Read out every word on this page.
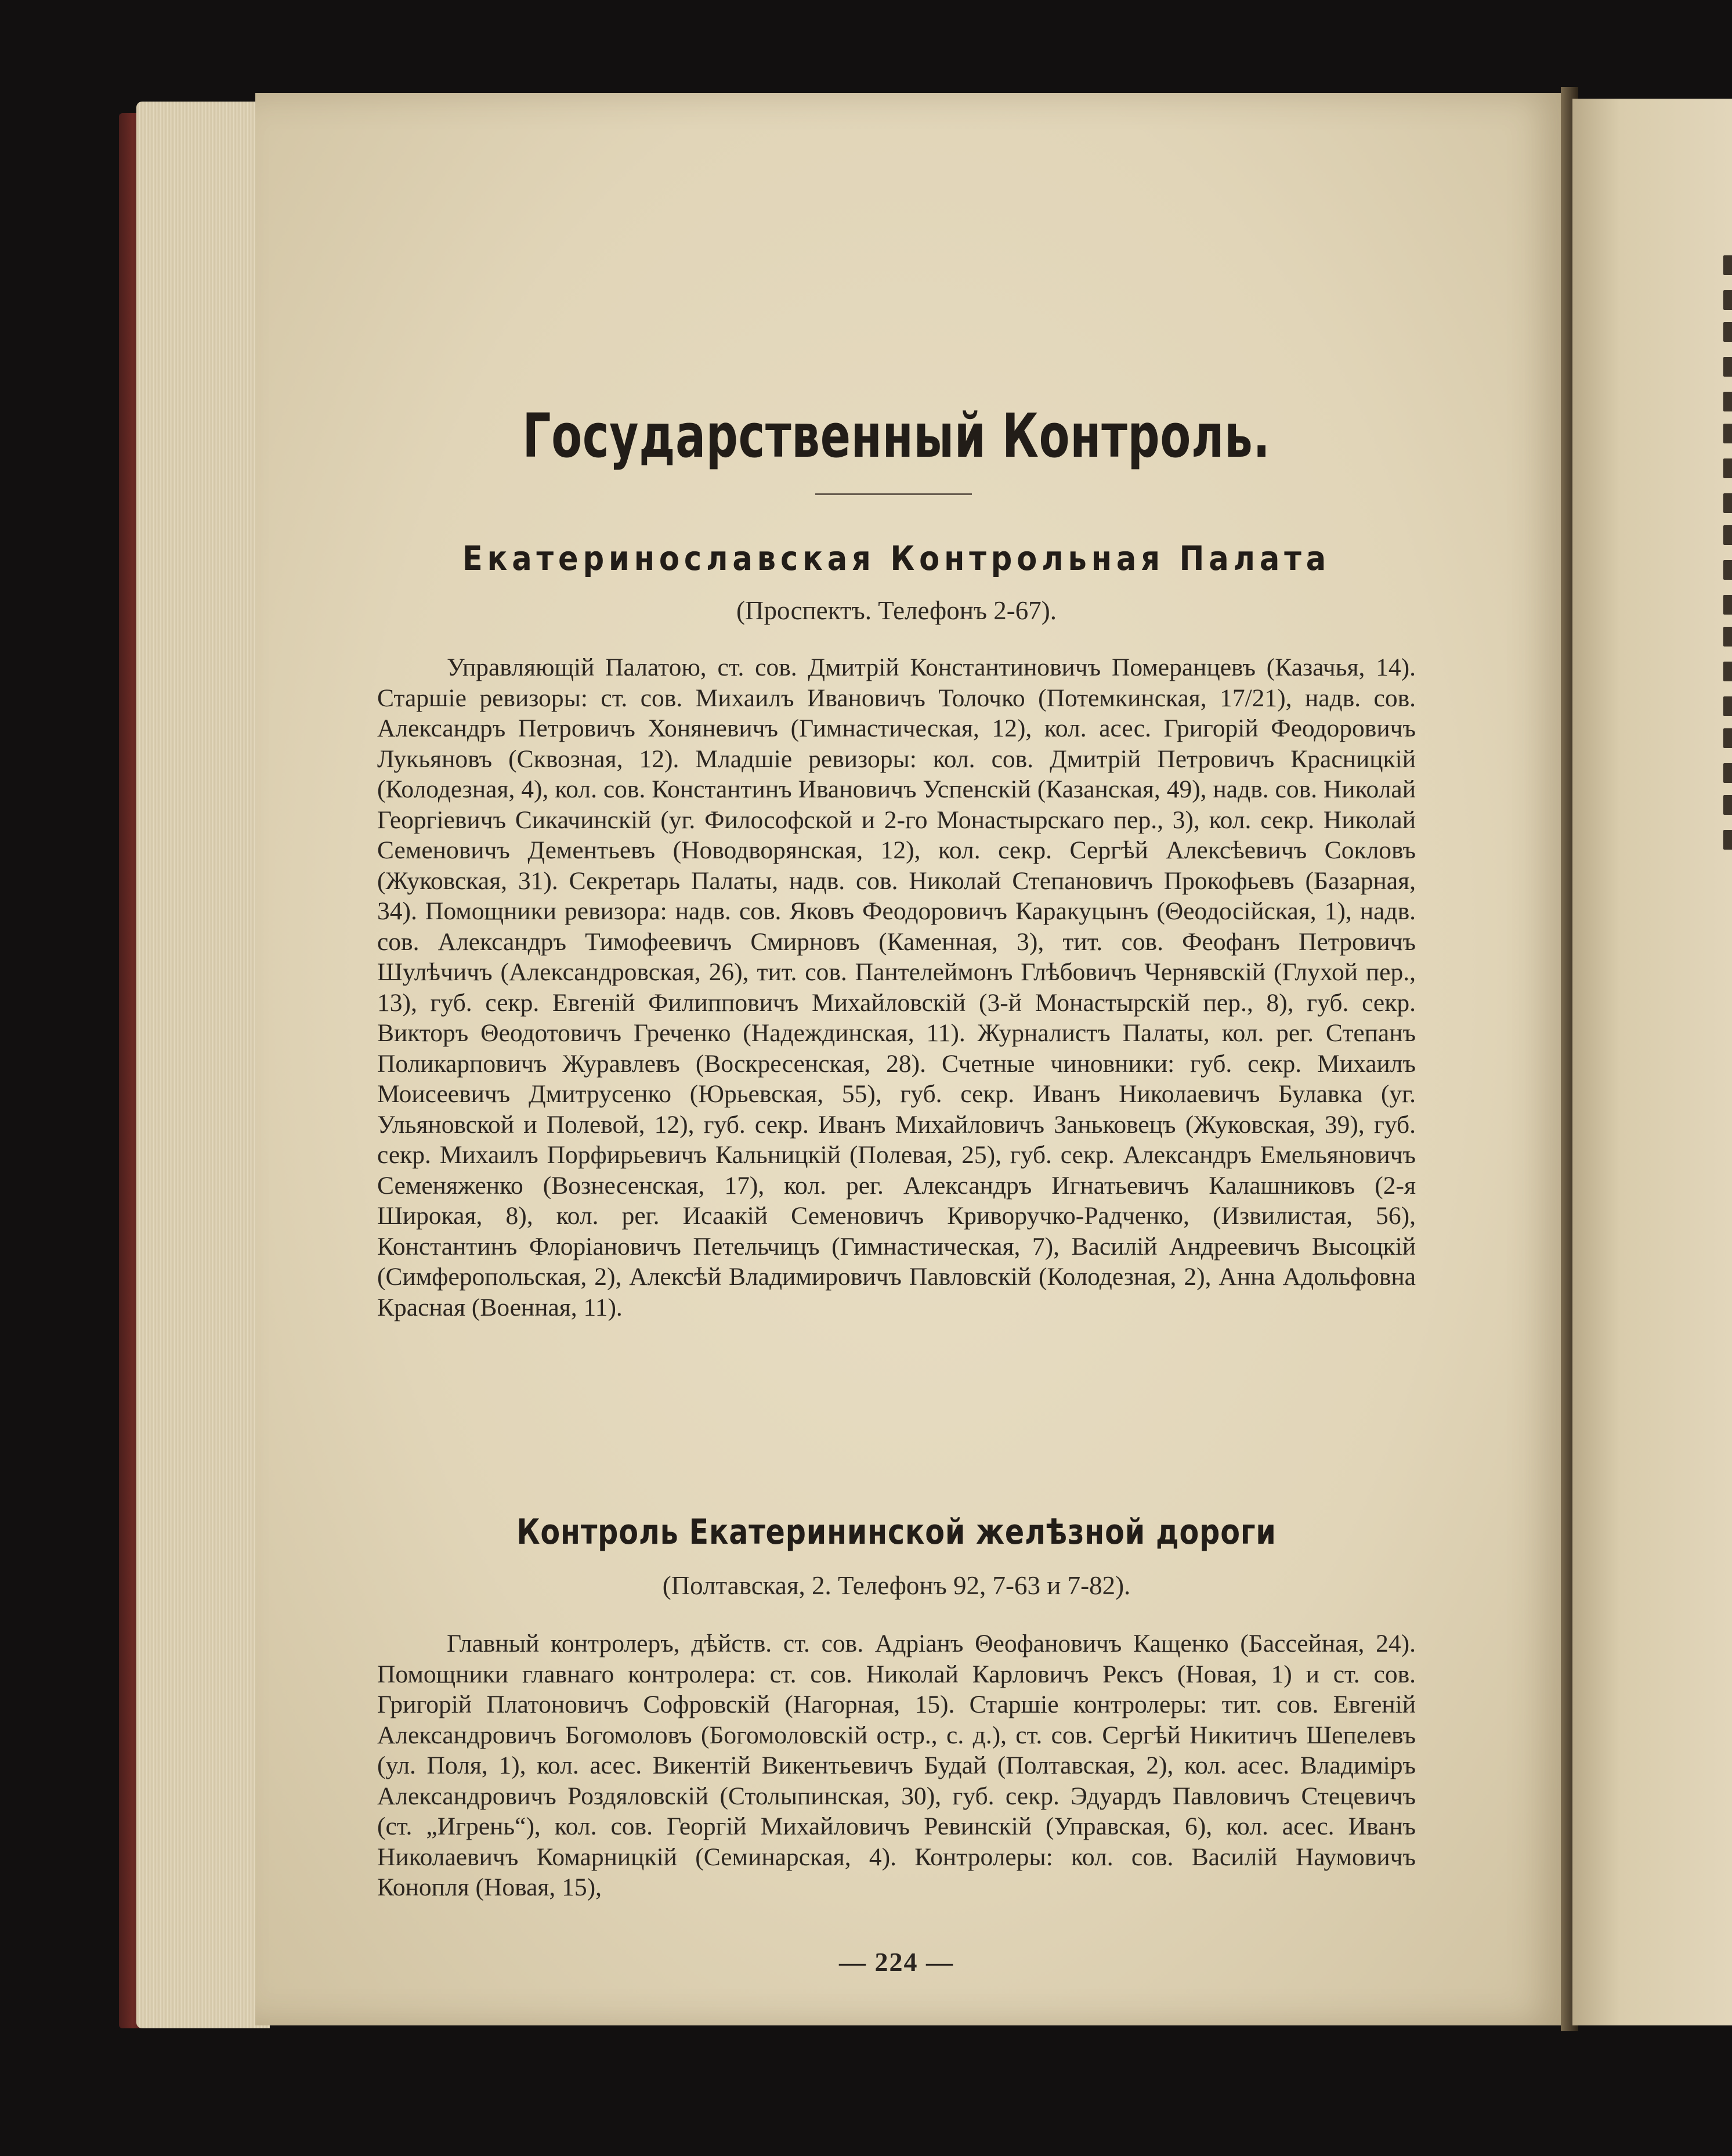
Государственный Контроль.
Екатеринославская Контрольная Палата
(Проспектъ. Телефонъ 2-67).
Управляющій Палатою, ст. сов. Дмитрій Константиновичъ Померанцевъ (Казачья, 14). Старшіе ревизоры: ст. сов. Михаилъ Ивановичъ Толочко (Потемкинская, 17/21), надв. сов. Александръ Петровичъ Хоняневичъ (Гимнастическая, 12), кол. асес. Григорій Феодоровичъ Лукьяновъ (Сквозная, 12). Младшіе ревизоры: кол. сов. Дмитрій Петровичъ Красницкій (Колодезная, 4), кол. сов. Константинъ Ивановичъ Успенскій (Казанская, 49), надв. сов. Николай Георгіевичъ Сикачинскій (уг. Философской и 2-го Монастырскаго пер., 3), кол. секр. Николай Семеновичъ Дементьевъ (Новодворянская, 12), кол. секр. Сергѣй Алексѣевичъ Сокловъ (Жуковская, 31). Секретарь Палаты, надв. сов. Николай Степановичъ Прокофьевъ (Базарная, 34). Помощники ревизора: надв. сов. Яковъ Феодоровичъ Каракуцынъ (Θеодосійская, 1), надв. сов. Александръ Тимофеевичъ Смирновъ (Каменная, 3), тит. сов. Феофанъ Петровичъ Шулѣчичъ (Александровская, 26), тит. сов. Пантелеймонъ Глѣбовичъ Чернявскій (Глухой пер., 13), губ. секр. Евгеній Филипповичъ Михайловскій (3-й Монастырскій пер., 8), губ. секр. Викторъ Θеодотовичъ Греченко (Надеждинская, 11). Журналистъ Палаты, кол. рег. Степанъ Поликарповичъ Журавлевъ (Воскресенская, 28). Счетные чиновники: губ. секр. Михаилъ Моисеевичъ Дмитрусенко (Юрьевская, 55), губ. секр. Иванъ Николаевичъ Булавка (уг. Ульяновской и Полевой, 12), губ. секр. Иванъ Михайловичъ Заньковецъ (Жуковская, 39), губ. секр. Михаилъ Порфирьевичъ Кальницкій (Полевая, 25), губ. секр. Александръ Емельяновичъ Семеняженко (Вознесенская, 17), кол. рег. Александръ Игнатьевичъ Калашниковъ (2-я Широкая, 8), кол. рег. Исаакій Семеновичъ Криворучко-Радченко, (Извилистая, 56), Константинъ Флоріановичъ Петельчицъ (Гимнастическая, 7), Василій Андреевичъ Высоцкій (Симферопольская, 2), Алексѣй Владимировичъ Павловскій (Колодезная, 2), Анна Адольфовна Красная (Военная, 11).
Контроль Екатерининской желѣзной дороги
(Полтавская, 2. Телефонъ 92, 7-63 и 7-82).
Главный контролеръ, дѣйств. ст. сов. Адріанъ Θеофановичъ Кащенко (Бассейная, 24). Помощники главнаго контролера: ст. сов. Николай Карловичъ Рексъ (Новая, 1) и ст. сов. Григорій Платоновичъ Софровскій (Нагорная, 15). Старшіе контролеры: тит. сов. Евгеній Александровичъ Богомоловъ (Богомоловскій остр., с. д.), ст. сов. Сергѣй Никитичъ Шепелевъ (ул. Поля, 1), кол. асес. Викентій Викентьевичъ Будай (Полтавская, 2), кол. асес. Владиміръ Александровичъ Роздяловскій (Столыпинская, 30), губ. секр. Эдуардъ Павловичъ Стецевичъ (ст. „Игрень“), кол. сов. Георгій Михайловичъ Ревинскій (Управская, 6), кол. асес. Иванъ Николаевичъ Комарницкій (Семинарская, 4). Контролеры: кол. сов. Василій Наумовичъ Конопля (Новая, 15),
— 224 —
